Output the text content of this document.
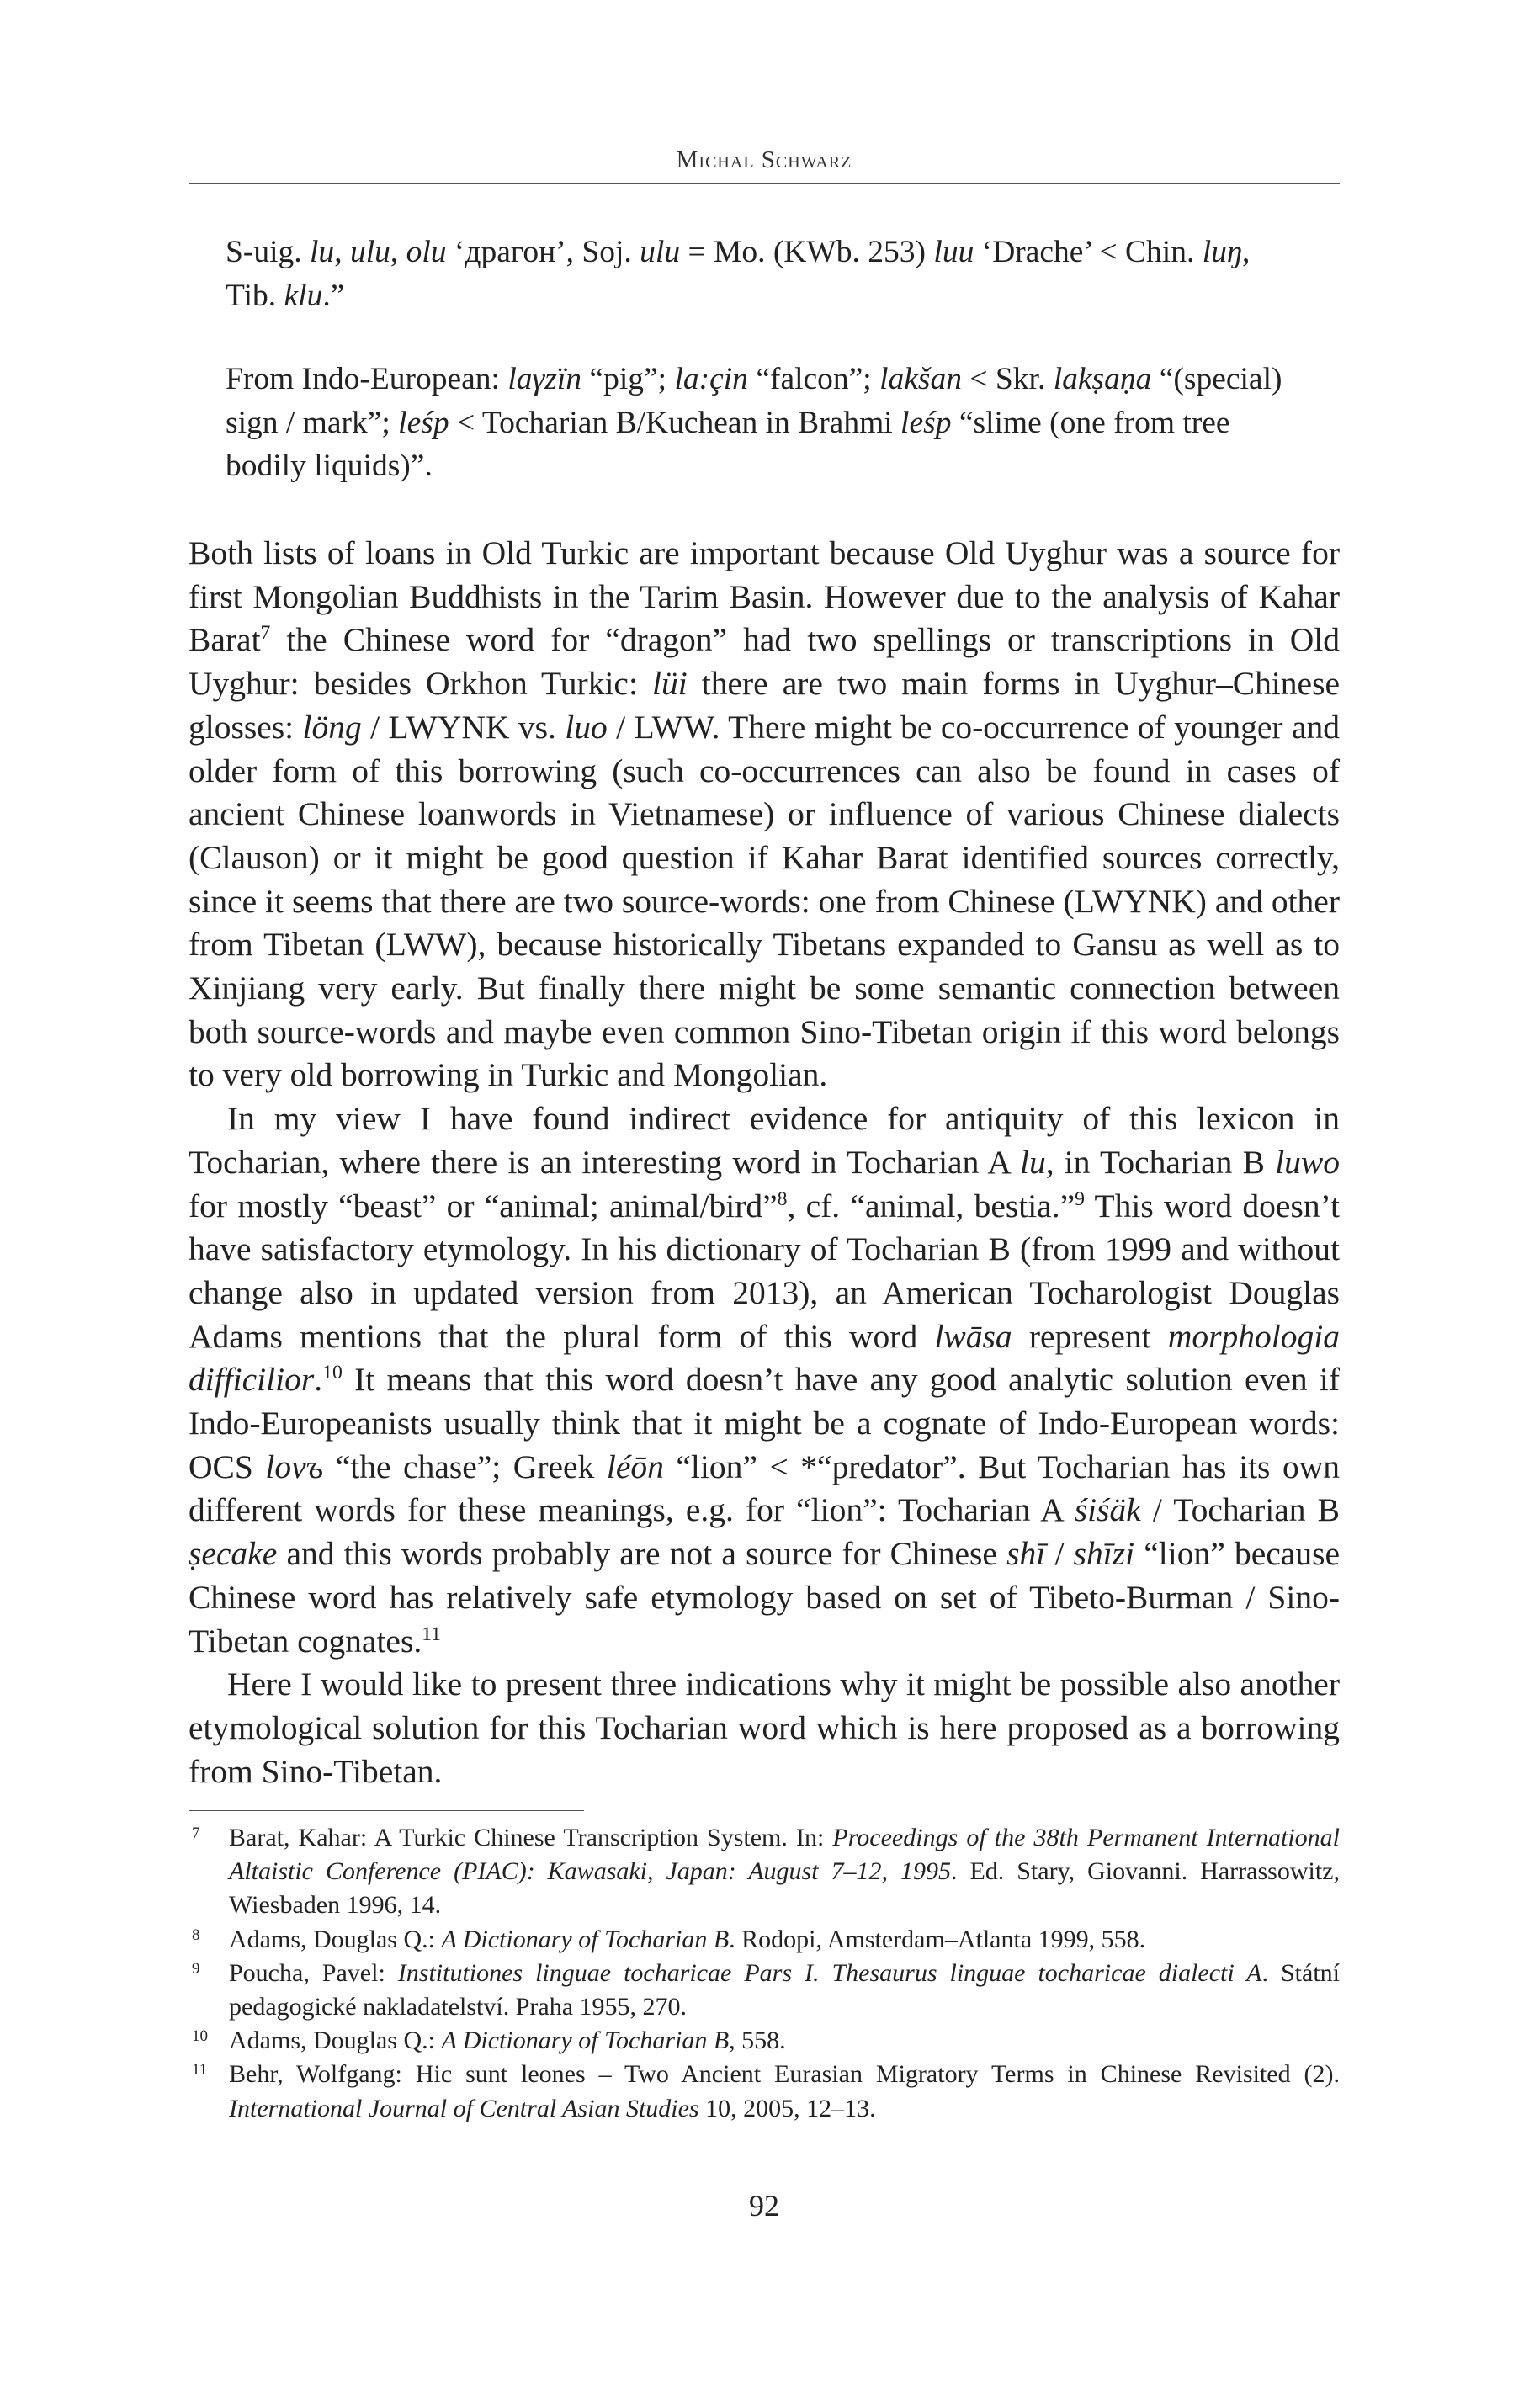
Michal Schwarz

S-uig. lu, ulu, olu ‘драгон’, Soj. ulu = Mo. (KWb. 253) luu ‘Drache’ < Chin. luŋ,
Tib. klu.”

From Indo-European: laγzïn “pig”; la:çin “falcon”; lakšan < Skr. lakṣaṇa “(special)
sign / mark”; leśp < Tocharian B/Kuchean in Brahmi leśp “slime (one from tree
bodily liquids)”.

Both lists of loans in Old Turkic are important because Old Uyghur was a source for first Mongolian Buddhists in the Tarim Basin. However due to the analysis of Kahar Barat$^7$ the Chinese word for “dragon” had two spellings or transcriptions in Old Uyghur: besides Orkhon Turkic: lüi there are two main forms in Uyghur–Chinese glosses: löng / LWYNK vs. luo / LWW. There might be co-occurrence of younger and older form of this borrowing (such co-occurrences can also be found in cases of ancient Chinese loanwords in Vietnamese) or influence of various Chinese dialects (Clauson) or it might be good question if Kahar Barat identified sources correctly, since it seems that there are two source-words: one from Chinese (LWYNK) and other from Tibetan (LWW), because historically Tibetans expanded to Gansu as well as to Xinjiang very early. But finally there might be some semantic connection between both source-words and maybe even common Sino-Tibetan origin if this word belongs to very old borrowing in Turkic and Mongolian.

In my view I have found indirect evidence for antiquity of this lexicon in Tocharian, where there is an interesting word in Tocharian A lu, in Tocharian B luwo for mostly “beast” or “animal; animal/bird”$^8$, cf. “animal, bestia.”$^9$ This word doesn’t have satisfactory etymology. In his dictionary of Tocharian B (from 1999 and without change also in updated version from 2013), an American Tocharologist Douglas Adams mentions that the plural form of this word lwāsa represent morphologia difficilior.$^{10}$ It means that this word doesn’t have any good analytic solution even if Indo-Europeanists usually think that it might be a cognate of Indo-European words: OCS lovъ “the chase”; Greek léōn “lion” < *“predator”. But Tocharian has its own different words for these meanings, e.g. for “lion”: Tocharian A śiśäk / Tocharian B ṣecake and this words probably are not a source for Chinese shī / shīzi “lion” because Chinese word has relatively safe etymology based on set of Tibeto-Burman / Sino-Tibetan cognates.$^{11}$

Here I would like to present three indications why it might be possible also another etymological solution for this Tocharian word which is here proposed as a borrowing from Sino-Tibetan.

7 Barat, Kahar: A Turkic Chinese Transcription System. In: Proceedings of the 38th Permanent International Altaistic Conference (PIAC): Kawasaki, Japan: August 7–12, 1995. Ed. Stary, Giovanni. Harrassowitz, Wiesbaden 1996, 14.

8 Adams, Douglas Q.: A Dictionary of Tocharian B. Rodopi, Amsterdam–Atlanta 1999, 558.

9 Poucha, Pavel: Institutiones linguae tocharicae Pars I. Thesaurus linguae tocharicae dialecti A. Státní pedagogické nakladatelství. Praha 1955, 270.

10 Adams, Douglas Q.: A Dictionary of Tocharian B, 558.

11 Behr, Wolfgang: Hic sunt leones – Two Ancient Eurasian Migratory Terms in Chinese Revisited (2). International Journal of Central Asian Studies 10, 2005, 12–13.

92
